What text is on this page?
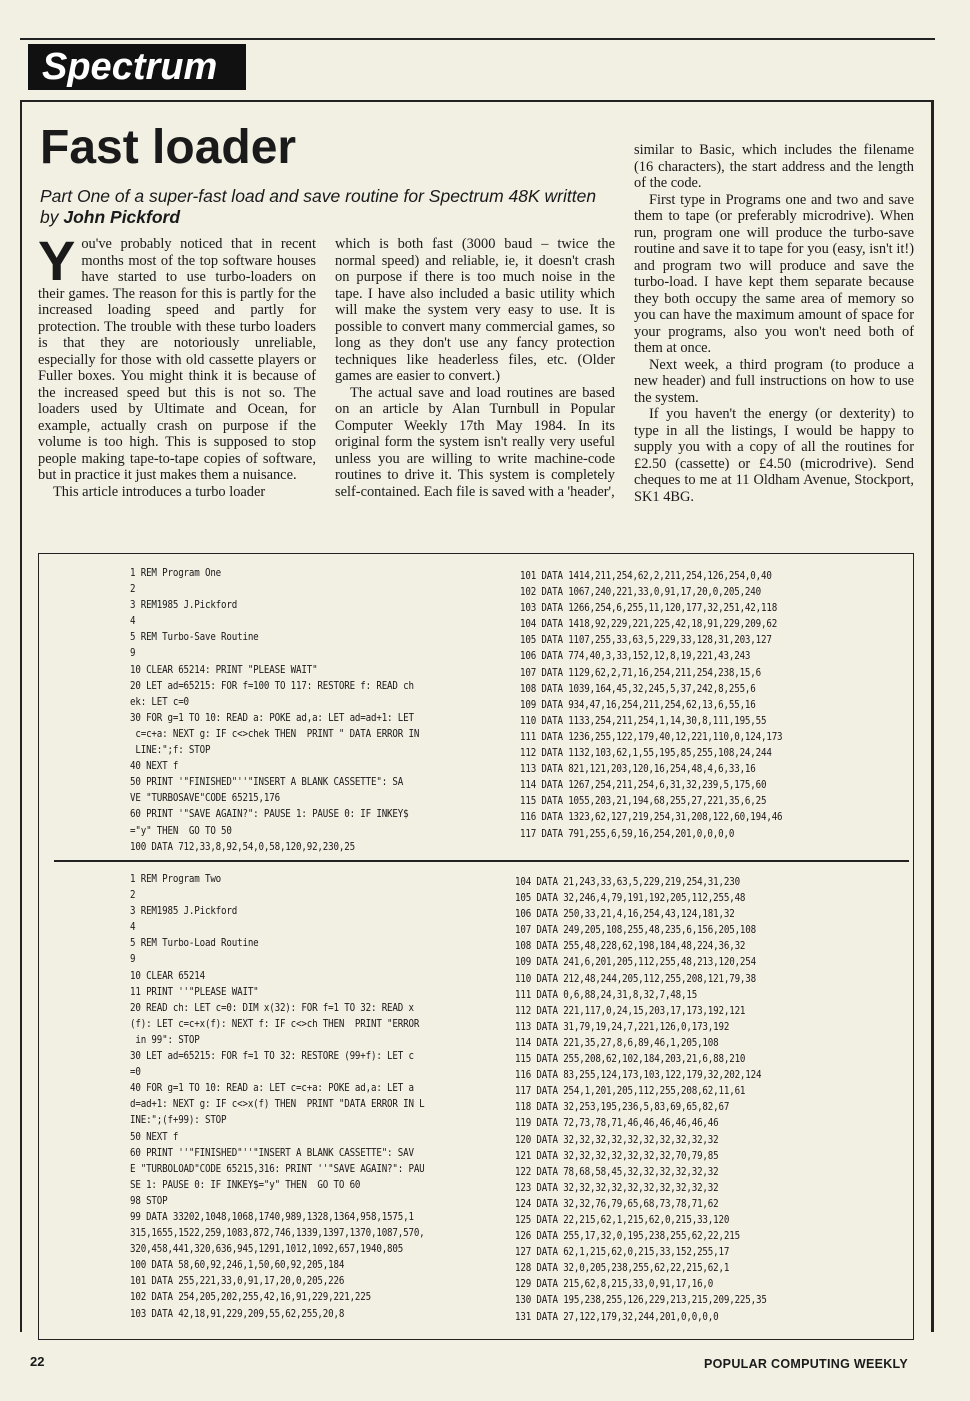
Spectrum
Fast loader
Part One of a super-fast load and save routine for Spectrum 48K written by John Pickford

You've probably noticed that in recent months most of the top software houses have started to use turbo-loaders on their games. The reason for this is partly for the increased loading speed and partly for protection. The trouble with these turbo loaders is that they are notoriously unreliable, especially for those with old cassette players or Fuller boxes. You might think it is because of the increased speed but this is not so. The loaders used by Ultimate and Ocean, for example, actually crash on purpose if the volume is too high. This is supposed to stop people making tape-to-tape copies of software, but in practice it just makes them a nuisance.

This article introduces a turbo loader

which is both fast (3000 baud – twice the normal speed) and reliable, ie, it doesn't crash on purpose if there is too much noise in the tape. I have also included a basic utility which will make the system very easy to use. It is possible to convert many commercial games, so long as they don't use any fancy protection techniques like headerless files, etc. (Older games are easier to convert.)

The actual save and load routines are based on an article by Alan Turnbull in Popular Computer Weekly 17th May 1984. In its original form the system isn't really very useful unless you are willing to write machine-code routines to drive it. This system is completely self-contained. Each file is saved with a 'header',

similar to Basic, which includes the filename (16 characters), the start address and the length of the code.

First type in Programs one and two and save them to tape (or preferably microdrive). When run, program one will produce the turbo-save routine and save it to tape for you (easy, isn't it!) and program two will produce and save the turbo-load. I have kept them separate because they both occupy the same area of memory so you can have the maximum amount of space for your programs, also you won't need both of them at once.

Next week, a third program (to produce a new header) and full instructions on how to use the system.

If you haven't the energy (or dexterity) to type in all the listings, I would be happy to supply you with a copy of all the routines for £2.50 (cassette) or £4.50 (microdrive). Send cheques to me at 11 Oldham Avenue, Stockport, SK1 4BG.

1 REM Program One
2
3 REM1985 J.Pickford
4
5 REM Turbo-Save Routine
9
10 CLEAR 65214: PRINT "PLEASE WAIT"
20 LET ad=65215: FOR f=100 TO 117: RESTORE f: READ ch
ek: LET c=0
30 FOR g=1 TO 10: READ a: POKE ad,a: LET ad=ad+1: LET
c=c+a: NEXT g: IF c<>chek THEN  PRINT " DATA ERROR IN
LINE:";f: STOP
40 NEXT f
50 PRINT '"FINISHED"''"INSERT A BLANK CASSETTE": SA
VE "TURBOSAVE"CODE 65215,176
60 PRINT '"SAVE AGAIN?": PAUSE 1: PAUSE 0: IF INKEY$
="y" THEN  GO TO 50
100 DATA 712,33,8,92,54,0,58,120,92,230,25
101 DATA 1414,211,254,62,2,211,254,126,254,0,40
102 DATA 1067,240,221,33,0,91,17,20,0,205,240
103 DATA 1266,254,6,255,11,120,177,32,251,42,118
104 DATA 1418,92,229,221,225,42,18,91,229,209,62
105 DATA 1107,255,33,63,5,229,33,128,31,203,127
106 DATA 774,40,3,33,152,12,8,19,221,43,243
107 DATA 1129,62,2,71,16,254,211,254,238,15,6
108 DATA 1039,164,45,32,245,5,37,242,8,255,6
109 DATA 934,47,16,254,211,254,62,13,6,55,16
110 DATA 1133,254,211,254,1,14,30,8,111,195,55
111 DATA 1236,255,122,179,40,12,221,110,0,124,173
112 DATA 1132,103,62,1,55,195,85,255,108,24,244
113 DATA 821,121,203,120,16,254,48,4,6,33,16
114 DATA 1267,254,211,254,6,31,32,239,5,175,60
115 DATA 1055,203,21,194,68,255,27,221,35,6,25
116 DATA 1323,62,127,219,254,31,208,122,60,194,46
117 DATA 791,255,6,59,16,254,201,0,0,0,0
1 REM Program Two
2
3 REM1985 J.Pickford
4
5 REM Turbo-Load Routine
9
10 CLEAR 65214
11 PRINT ''"PLEASE WAIT"
20 READ ch: LET c=0: DIM x(32): FOR f=1 TO 32: READ x
(f): LET c=c+x(f): NEXT f: IF c<>ch THEN  PRINT "ERROR
in 99": STOP
30 LET ad=65215: FOR f=1 TO 32: RESTORE (99+f): LET c
=0
40 FOR g=1 TO 10: READ a: LET c=c+a: POKE ad,a: LET a
d=ad+1: NEXT g: IF c<>x(f) THEN  PRINT "DATA ERROR IN L
INE:";(f+99): STOP
50 NEXT f
60 PRINT ''"FINISHED"''"INSERT A BLANK CASSETTE": SAV
E "TURBOLOAD"CODE 65215,316: PRINT ''"SAVE AGAIN?": PAU
SE 1: PAUSE 0: IF INKEY$="y" THEN  GO TO 60
98 STOP
99 DATA 33202,1048,1068,1740,989,1328,1364,958,1575,1
315,1655,1522,259,1083,872,746,1339,1397,1370,1087,570,
320,458,441,320,636,945,1291,1012,1092,657,1940,805
100 DATA 58,60,92,246,1,50,60,92,205,184
101 DATA 255,221,33,0,91,17,20,0,205,226
102 DATA 254,205,202,255,42,16,91,229,221,225
103 DATA 42,18,91,229,209,55,62,255,20,8
104 DATA 21,243,33,63,5,229,219,254,31,230
105 DATA 32,246,4,79,191,192,205,112,255,48
106 DATA 250,33,21,4,16,254,43,124,181,32
107 DATA 249,205,108,255,48,235,6,156,205,108
108 DATA 255,48,228,62,198,184,48,224,36,32
109 DATA 241,6,201,205,112,255,48,213,120,254
110 DATA 212,48,244,205,112,255,208,121,79,38
111 DATA 0,6,88,24,31,8,32,7,48,15
112 DATA 221,117,0,24,15,203,17,173,192,121
113 DATA 31,79,19,24,7,221,126,0,173,192
114 DATA 221,35,27,8,6,89,46,1,205,108
115 DATA 255,208,62,102,184,203,21,6,88,210
116 DATA 83,255,124,173,103,122,179,32,202,124
117 DATA 254,1,201,205,112,255,208,62,11,61
118 DATA 32,253,195,236,5,83,69,65,82,67
119 DATA 72,73,78,71,46,46,46,46,46,46
120 DATA 32,32,32,32,32,32,32,32,32,32
121 DATA 32,32,32,32,32,32,32,70,79,85
122 DATA 78,68,58,45,32,32,32,32,32,32
123 DATA 32,32,32,32,32,32,32,32,32,32
124 DATA 32,32,76,79,65,68,73,78,71,62
125 DATA 22,215,62,1,215,62,0,215,33,120
126 DATA 255,17,32,0,195,238,255,62,22,215
127 DATA 62,1,215,62,0,215,33,152,255,17
128 DATA 32,0,205,238,255,62,22,215,62,1
129 DATA 215,62,8,215,33,0,91,17,16,0
130 DATA 195,238,255,126,229,213,215,209,225,35
131 DATA 27,122,179,32,244,201,0,0,0,0
22	POPULAR COMPUTING WEEKLY
